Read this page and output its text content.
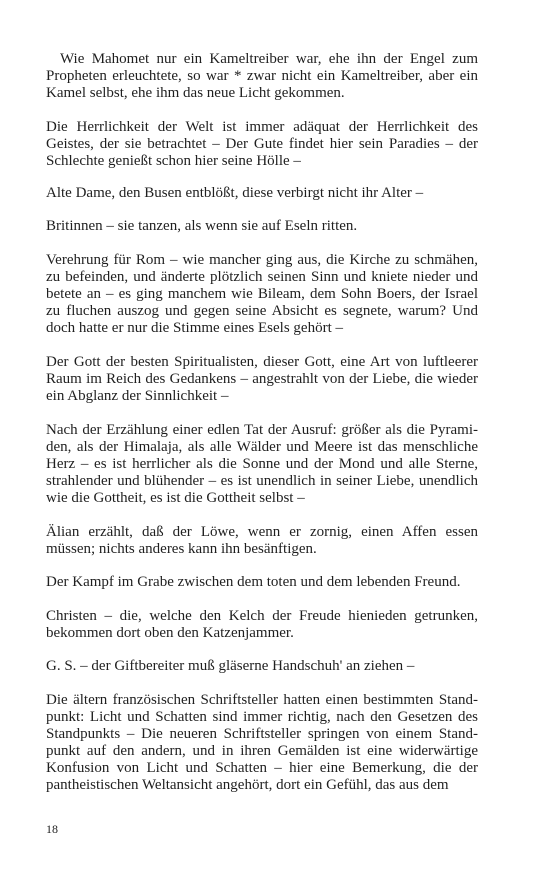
Wie Mahomet nur ein Kameltreiber war, ehe ihn der Engel zum Propheten erleuchtete, so war * zwar nicht ein Kameltreiber, aber ein Kamel selbst, ehe ihm das neue Licht gekommen.

Die Herrlichkeit der Welt ist immer adäquat der Herrlichkeit des Geistes, der sie betrachtet – Der Gute findet hier sein Paradies – der Schlechte genießt schon hier seine Hölle –

Alte Dame, den Busen entblößt, diese verbirgt nicht ihr Alter –

Britinnen – sie tanzen, als wenn sie auf Eseln ritten.

Verehrung für Rom – wie mancher ging aus, die Kirche zu schmähen, zu befeinden, und änderte plötzlich seinen Sinn und kniete nieder und betete an – es ging manchem wie Bileam, dem Sohn Boers, der Israel zu fluchen auszog und gegen seine Absicht es segnete, warum? Und doch hatte er nur die Stimme eines Esels gehört –

Der Gott der besten Spiritualisten, dieser Gott, eine Art von luftleerer Raum im Reich des Gedankens – angestrahlt von der Liebe, die wieder ein Abglanz der Sinnlichkeit –

Nach der Erzählung einer edlen Tat der Ausruf: größer als die Pyramiden, als der Himalaja, als alle Wälder und Meere ist das menschliche Herz – es ist herrlicher als die Sonne und der Mond und alle Sterne, strahlender und blühender – es ist unendlich in seiner Liebe, unendlich wie die Gottheit, es ist die Gottheit selbst –

Älian erzählt, daß der Löwe, wenn er zornig, einen Affen essen müssen; nichts anderes kann ihn besänftigen.

Der Kampf im Grabe zwischen dem toten und dem lebenden Freund.

Christen – die, welche den Kelch der Freude hienieden getrunken, bekommen dort oben den Katzenjammer.

G. S. – der Giftbereiter muß gläserne Handschuh' an ziehen –

Die ältern französischen Schriftsteller hatten einen bestimmten Standpunkt: Licht und Schatten sind immer richtig, nach den Gesetzen des Standpunkts – Die neueren Schriftsteller springen von einem Standpunkt auf den andern, und in ihren Gemälden ist eine widerwärtige Konfusion von Licht und Schatten – hier eine Bemerkung, die der pantheistischen Weltansicht angehört, dort ein Gefühl, das aus dem

18
